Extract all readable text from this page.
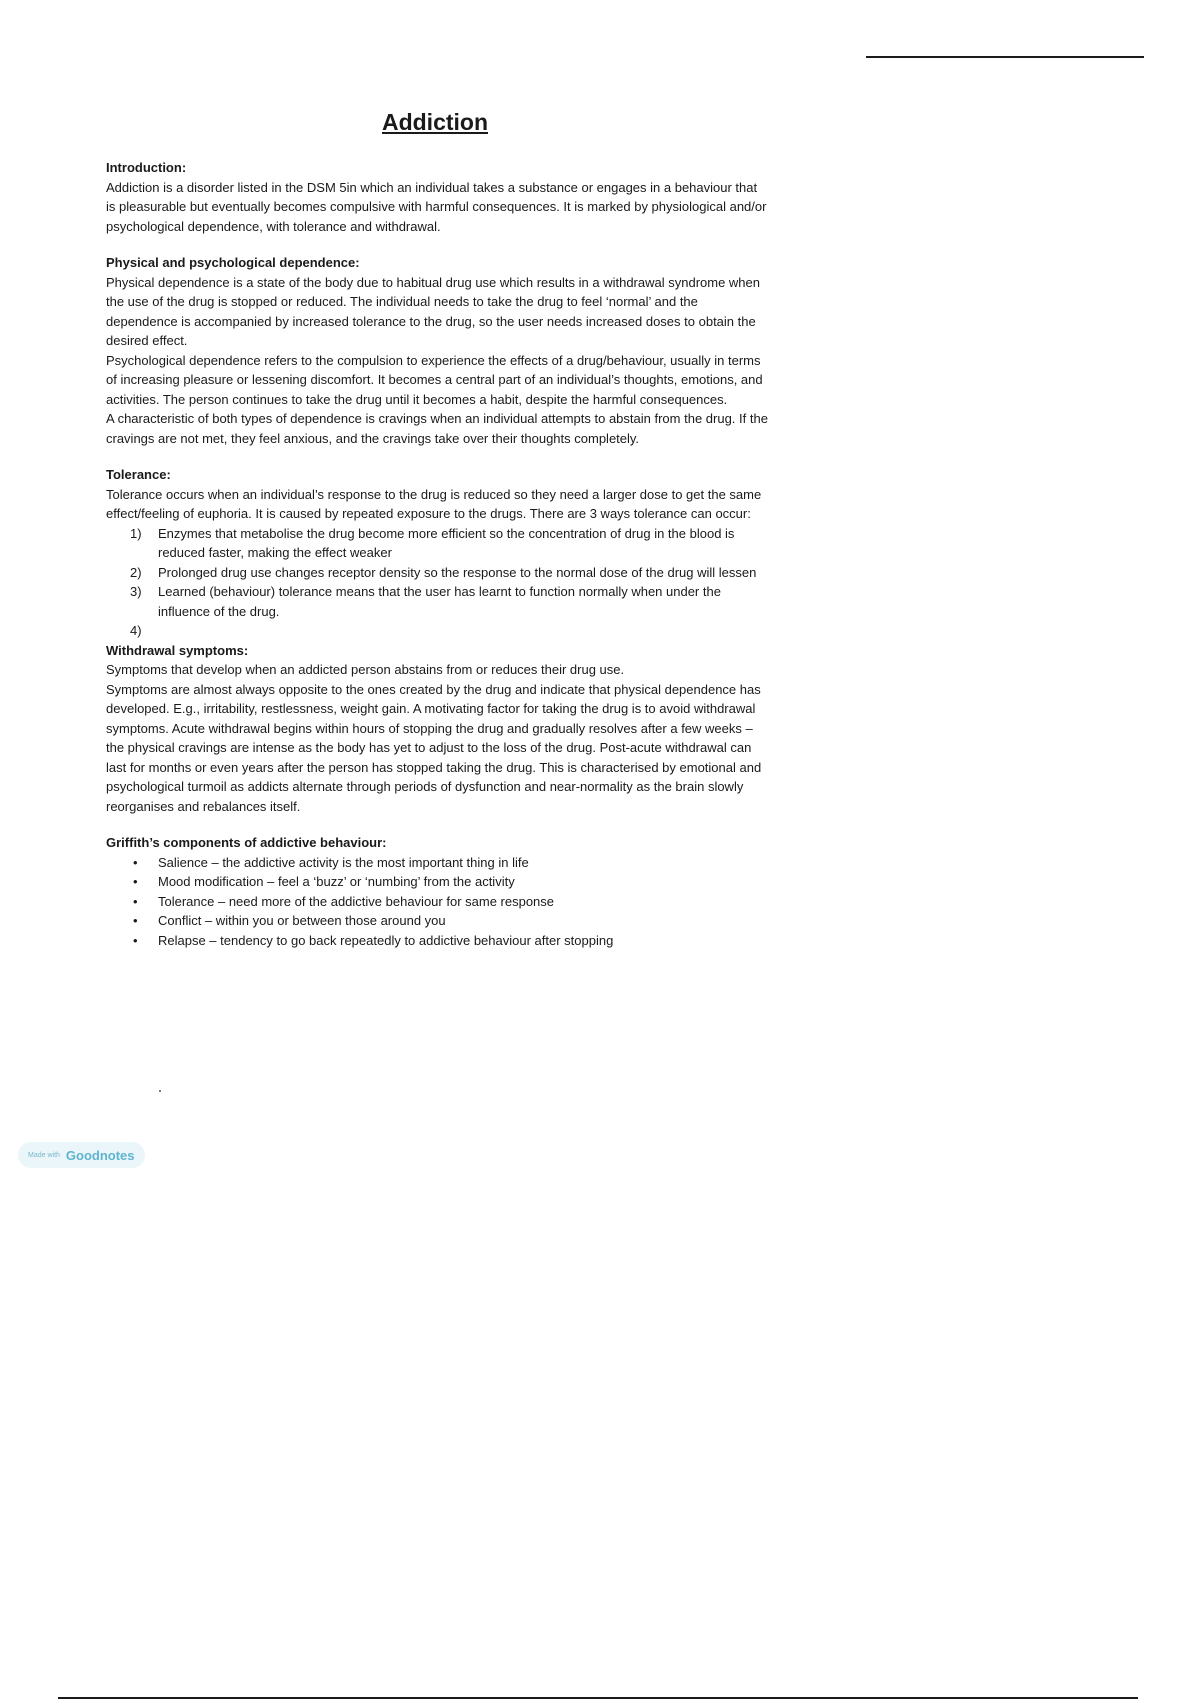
Addiction
Introduction:

Addiction is a disorder listed in the DSM 5in which an individual takes a substance or engages in a behaviour that is pleasurable but eventually becomes compulsive with harmful consequences. It is marked by physiological and/or psychological dependence, with tolerance and withdrawal.

Physical and psychological dependence:

Physical dependence is a state of the body due to habitual drug use which results in a withdrawal syndrome when the use of the drug is stopped or reduced. The individual needs to take the drug to feel ‘normal’ and the dependence is accompanied by increased tolerance to the drug, so the user needs increased doses to obtain the desired effect.

Psychological dependence refers to the compulsion to experience the effects of a drug/behaviour, usually in terms of increasing pleasure or lessening discomfort. It becomes a central part of an individual’s thoughts, emotions, and activities. The person continues to take the drug until it becomes a habit, despite the harmful consequences.

A characteristic of both types of dependence is cravings when an individual attempts to abstain from the drug. If the cravings are not met, they feel anxious, and the cravings take over their thoughts completely.

Tolerance:

Tolerance occurs when an individual’s response to the drug is reduced so they need a larger dose to get the same effect/feeling of euphoria. It is caused by repeated exposure to the drugs. There are 3 ways tolerance can occur:

1) Enzymes that metabolise the drug become more efficient so the concentration of drug in the blood is reduced faster, making the effect weaker
2) Prolonged drug use changes receptor density so the response to the normal dose of the drug will lessen
3) Learned (behaviour) tolerance means that the user has learnt to function normally when under the influence of the drug.
4)
Withdrawal symptoms:

Symptoms that develop when an addicted person abstains from or reduces their drug use.

Symptoms are almost always opposite to the ones created by the drug and indicate that physical dependence has developed. E.g., irritability, restlessness, weight gain. A motivating factor for taking the drug is to avoid withdrawal symptoms. Acute withdrawal begins within hours of stopping the drug and gradually resolves after a few weeks – the physical cravings are intense as the body has yet to adjust to the loss of the drug. Post-acute withdrawal can last for months or even years after the person has stopped taking the drug. This is characterised by emotional and psychological turmoil as addicts alternate through periods of dysfunction and near-normality as the brain slowly reorganises and rebalances itself.

Griffith’s components of addictive behaviour:
• Salience – the addictive activity is the most important thing in life
• Mood modification – feel a ‘buzz’ or ‘numbing’ from the activity
• Tolerance – need more of the addictive behaviour for same response
• Conflict – within you or between those around you
• Relapse – tendency to go back repeatedly to addictive behaviour after stopping
Made with Goodnotes
